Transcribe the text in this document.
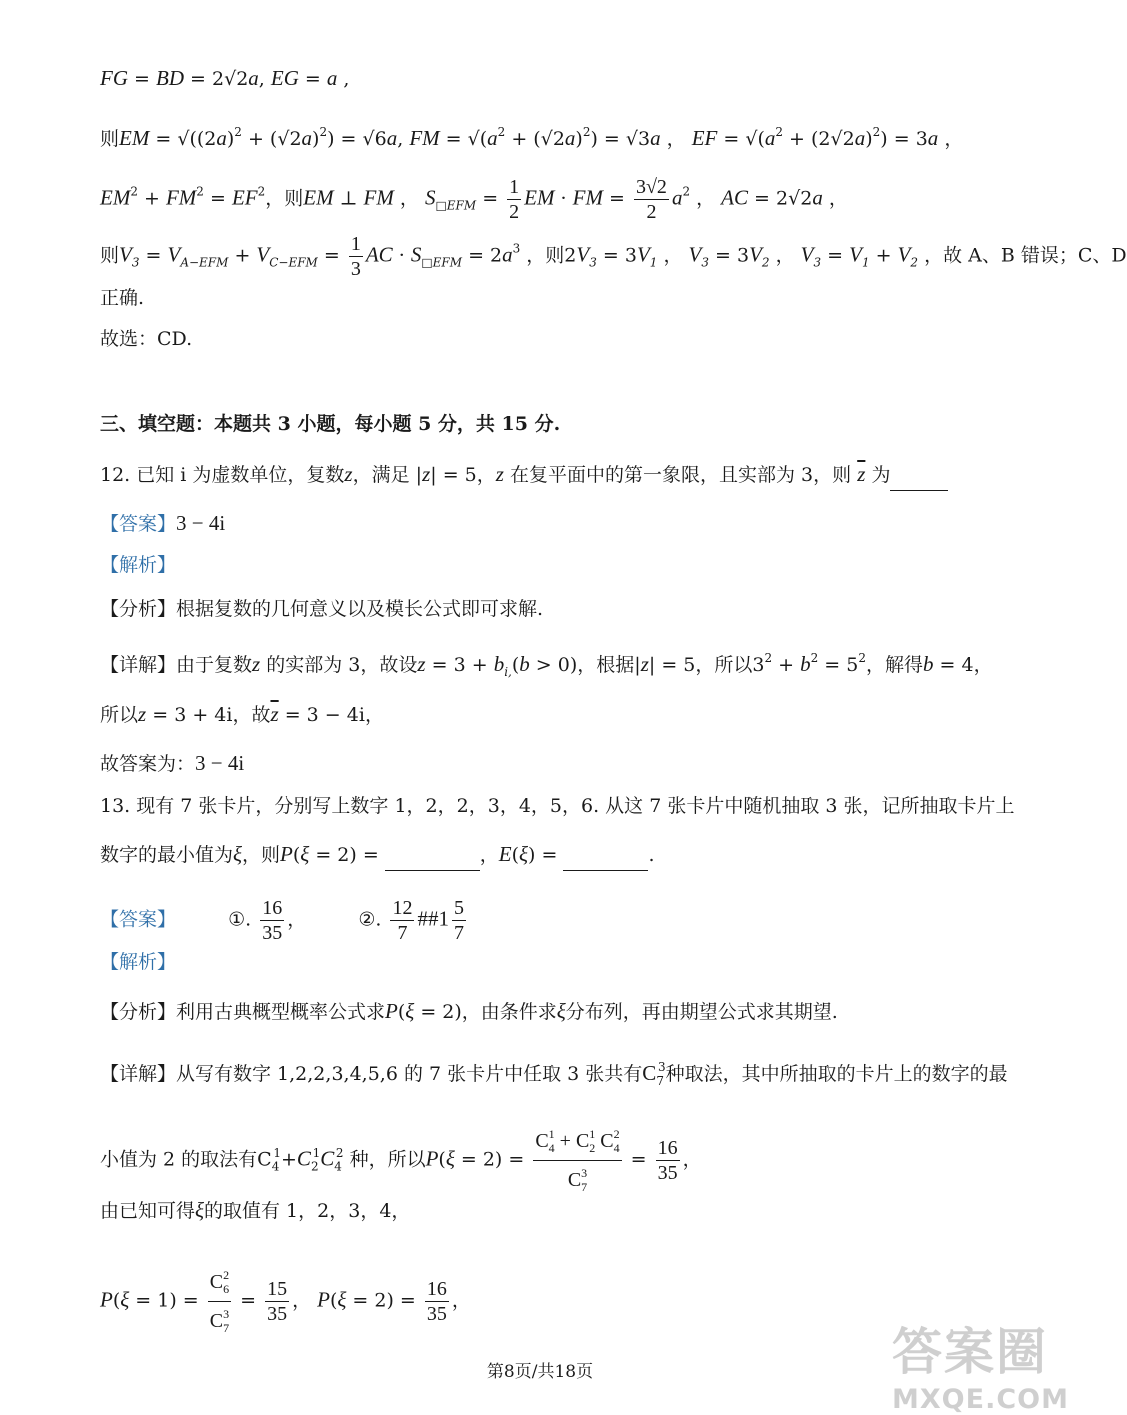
FG = BD = 2√2a, EG = a ,
则EM = $√((2a)^2 + (√2a)^2) = √6a$, FM = $√(a^2 + (√2a)^2) = √3a$ ， EF = $√(a^2 + (2√2a)^2) = 3a$ ，
$EM^2 + FM^2 = EF^2$，则EM ⊥ FM ， $S_{□EFM} = \frac{1}{2}$ EM · FM = $\frac{3√2}{2} a^2$ ， AC = 2√2a ，
则$V_3 = V_{A-EFM} + V_{C-EFM} = \frac{1}{3}$ AC · $S_{□EFM} = 2a^3$ ，则$2V_3 = 3V_1$ ， $V_3 = 3V_2$ ， $V_3 = V_1 + V_2$ ，故 A、B 错误；C、D
正确.
故选：CD.
三、填空题：本题共 3 小题，每小题 5 分，共 15 分.
12. 已知 i 为虚数单位，复数z，满足 |z| = 5，z 在复平面中的第一象限，且实部为 3，则 $\overline{z}$ 为
【答案】3 − 4i
【解析】
【分析】根据复数的几何意义以及模长公式即可求解.
【详解】由于复数z 的实部为 3，故设$z = 3 + b_{i,}(b > 0)$，根据|z| = 5，所以$3^2 + b^2 = 5^2$，解得b = 4，
所以z = 3 + 4i，故$\overline{z} = 3 - 4i$，
故答案为：3 − 4i
13. 现有 7 张卡片，分别写上数字 1，2，2，3，4，5，6. 从这 7 张卡片中随机抽取 3 张，记所抽取卡片上
数字的最小值为ξ，则P(ξ = 2) =	，E(ξ) =	.
【答案】	①. $\frac{16}{35}$ ，  ②. $\frac{12}{7}$ ##1 $\frac{5}{7}$
【解析】
【分析】利用古典概型概率公式求P(ξ = 2)，由条件求ξ分布列，再由期望公式求其期望.
【详解】从写有数字 1,2,2,3,4,5,6 的 7 张卡片中任取 3 张共有$C_7^3$种取法，其中所抽取的卡片上的数字的最
小值为 2 的取法有$C_4^1+C_2^1C_4^2$ 种，所以$P(\xi = 2) = \frac{C_4^1 + C_2^1 C_4^2}{C_7^3} = \frac{16}{35}$ ，
由已知可得ξ的取值有 1，2，3，4，
$P(\xi = 1) = \frac{C_6^2}{C_7^3} = \frac{15}{35}$ ， $P(\xi = 2) = \frac{16}{35}$ ，
第8页/共18页	答案圈
MXQE.COM
